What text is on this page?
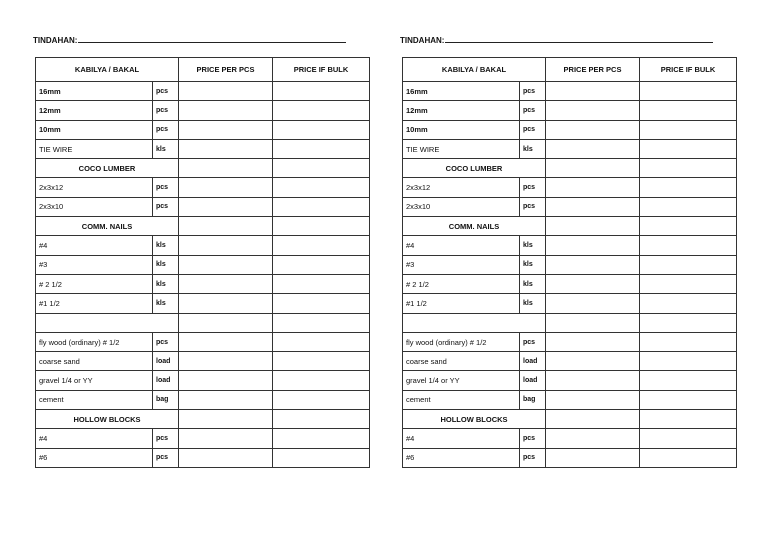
TINDAHAN:
KABILYA / BAKAL		PRICE PER PCS	PRICE IF BULK
16mm	pcs		
12mm	pcs		
10mm	pcs		
TIE WIRE	kls		
COCO LUMBER			
2x3x12	pcs		
2x3x10	pcs		
COMM. NAILS			
#4	kls		
#3	kls		
# 2 1/2	kls		
#1 1/2	kls		

fly wood (ordinary) # 1/2	pcs		
coarse sand	load		
gravel 1/4 or YY	load		
cement	bag		
HOLLOW BLOCKS			
#4	pcs		
#6	pcs		
TINDAHAN:
KABILYA / BAKAL		PRICE PER PCS	PRICE IF BULK
16mm	pcs		
12mm	pcs		
10mm	pcs		
TIE WIRE	kls		
COCO LUMBER			
2x3x12	pcs		
2x3x10	pcs		
COMM. NAILS			
#4	kls		
#3	kls		
# 2 1/2	kls		
#1 1/2	kls		

fly wood (ordinary) # 1/2	pcs		
coarse sand	load		
gravel 1/4 or YY	load		
cement	bag		
HOLLOW BLOCKS			
#4	pcs		
#6	pcs		
